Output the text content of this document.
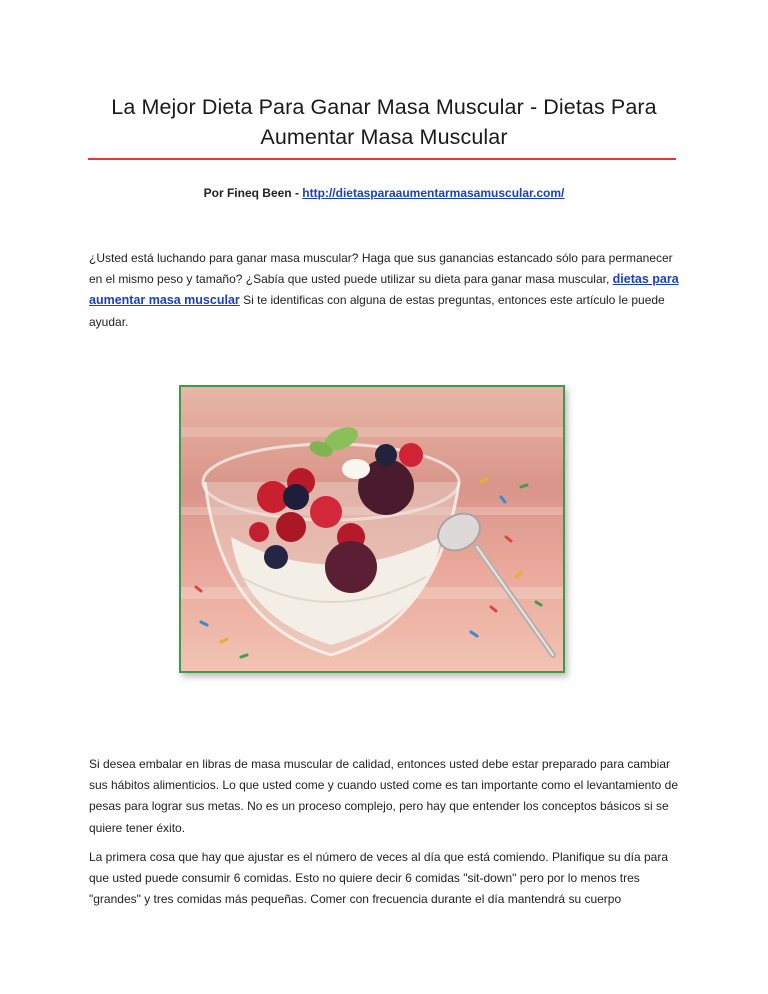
La Mejor Dieta Para Ganar Masa Muscular - Dietas Para Aumentar Masa Muscular
Por Fineq Been - http://dietasparaaumentarmasamuscular.com/

¿Usted está luchando para ganar masa muscular? Haga que sus ganancias estancado sólo para permanecer en el mismo peso y tamaño? ¿Sabía que usted puede utilizar su dieta para ganar masa muscular, dietas para aumentar masa muscular Si te identificas con alguna de estas preguntas, entonces este artículo le puede ayudar.

Si desea embalar en libras de masa muscular de calidad, entonces usted debe estar preparado para cambiar sus hábitos alimenticios. Lo que usted come y cuando usted come es tan importante como el levantamiento de pesas para lograr sus metas. No es un proceso complejo, pero hay que entender los conceptos básicos si se quiere tener éxito.

La primera cosa que hay que ajustar es el número de veces al día que está comiendo. Planifique su día para que usted puede consumir 6 comidas. Esto no quiere decir 6 comidas "sit-down" pero por lo menos tres "grandes" y tres comidas más pequeñas. Comer con frecuencia durante el día mantendrá su cuerpo
